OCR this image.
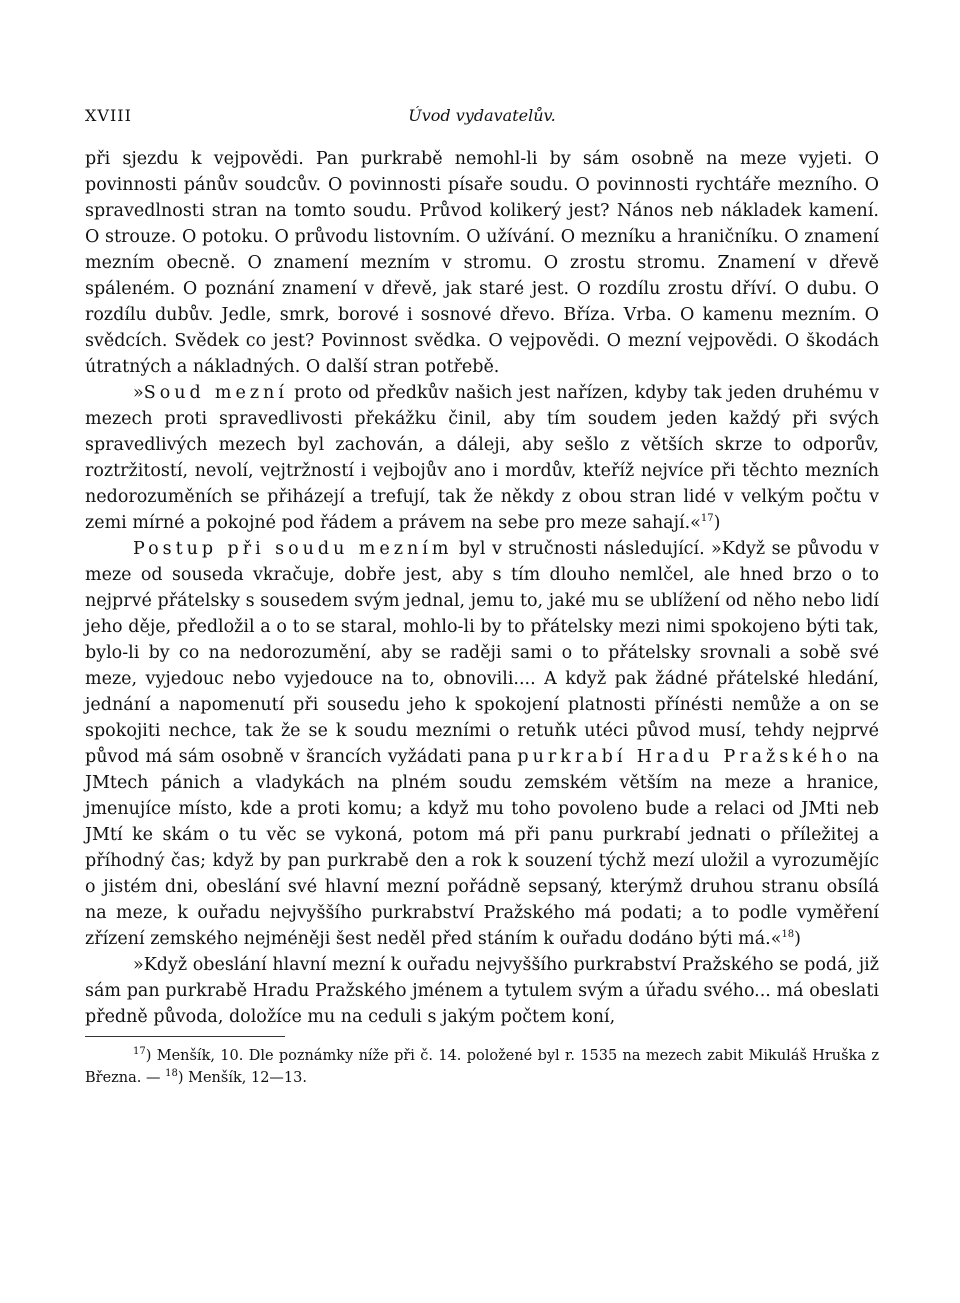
XVIII	Úvod vydavatelův.
při sjezdu k vejpovědi. Pan purkrabě nemohl-li by sám osobně na meze vyjeti. O povinnosti pánův soudcův. O povinnosti písaře soudu. O povinnosti rychtáře mezního. O spravedlnosti stran na tomto soudu. Průvod kolikerý jest? Nános neb nákladek kamení. O strouze. O potoku. O průvodu listovním. O užívání. O mezníku a hraničníku. O znamení mezním obecně. O znamení mezním v stromu. O zrostu stromu. Znamení v dřevě spáleném. O poznání znamení v dřevě, jak staré jest. O rozdílu zrostu dříví. O dubu. O rozdílu dubův. Jedle, smrk, borové i sosnové dřevo. Bříza. Vrba. O kamenu mezním. O svědcích. Svědek co jest? Povinnost svědka. O vejpovědi. O mezní vejpovědi. O škodách útratných a nákladných. O další stran potřebě.

»Soud mezní proto od předkův našich jest nařízen, kdyby tak jeden druhému v mezech proti spravedlivosti překážku činil, aby tím soudem jeden každý při svých spravedlivých mezech byl zachován, a dáleji, aby sešlo z větších skrze to odporův, roztržitostí, nevolí, vejtržností i vejbojův ano i mordův, kteříž nejvíce při těchto mezních nedorozuměních se přiházejí a trefují, tak že někdy z obou stran lidé v velkým počtu v zemi mírné a pokojné pod řádem a právem na sebe pro meze sahají.«$^{17}$)

Postup při soudu mezním byl v stručnosti následující. »Když se původu v meze od souseda vkračuje, dobře jest, aby s tím dlouho nemlčel, ale hned brzo o to nejprvé přátelsky s sousedem svým jednal, jemu to, jaké mu se ublížení od něho nebo lidí jeho děje, předložil a o to se staral, mohlo-li by to přátelsky mezi nimi spokojeno býti tak, bylo-li by co na nedorozumění, aby se raději sami o to přátelsky srovnali a sobě své meze, vyjedouc nebo vyjedouce na to, obnovili.... A když pak žádné přátelské hledání, jednání a napomenutí při sousedu jeho k spokojení platnosti přínésti nemůže a on se spokojiti nechce, tak že se k soudu mezními o retuňk utéci původ musí, tehdy nejprvé původ má sám osobně v šrancích vyžádati pana purkrabí Hradu Pražského na JMtech pánich a vladykách na plném soudu zemském větším na meze a hranice, jmenujíce místo, kde a proti komu; a když mu toho povoleno bude a relaci od JMti neb JMtí ke skám o tu věc se vykoná, potom má při panu purkrabí jednati o příležitej a příhodný čas; když by pan purkrabě den a rok k souzení týchž mezí uložil a vyrozumějíc o jistém dni, obeslání své hlavní mezní pořádně sepsaný, kterýmž druhou stranu obsílá na meze, k ouřadu nejvyššího purkrabství Pražského má podati; a to podle vyměření zřízení zemského nejméněji šest neděl před stáním k ouřadu dodáno býti má.«$^{18}$)

»Když obeslání hlavní mezní k ouřadu nejvyššího purkrabství Pražského se podá, již sám pan purkrabě Hradu Pražského jménem a tytulem svým a úřadu svého... má obeslati předně původa, doložíce mu na ceduli s jakým počtem koní,

$^{17}$) Menšík, 10. Dle poznámky níže při č. 14. položené byl r. 1535 na mezech zabit Mikuláš Hruška z Března. — $^{18}$) Menšík, 12—13.
